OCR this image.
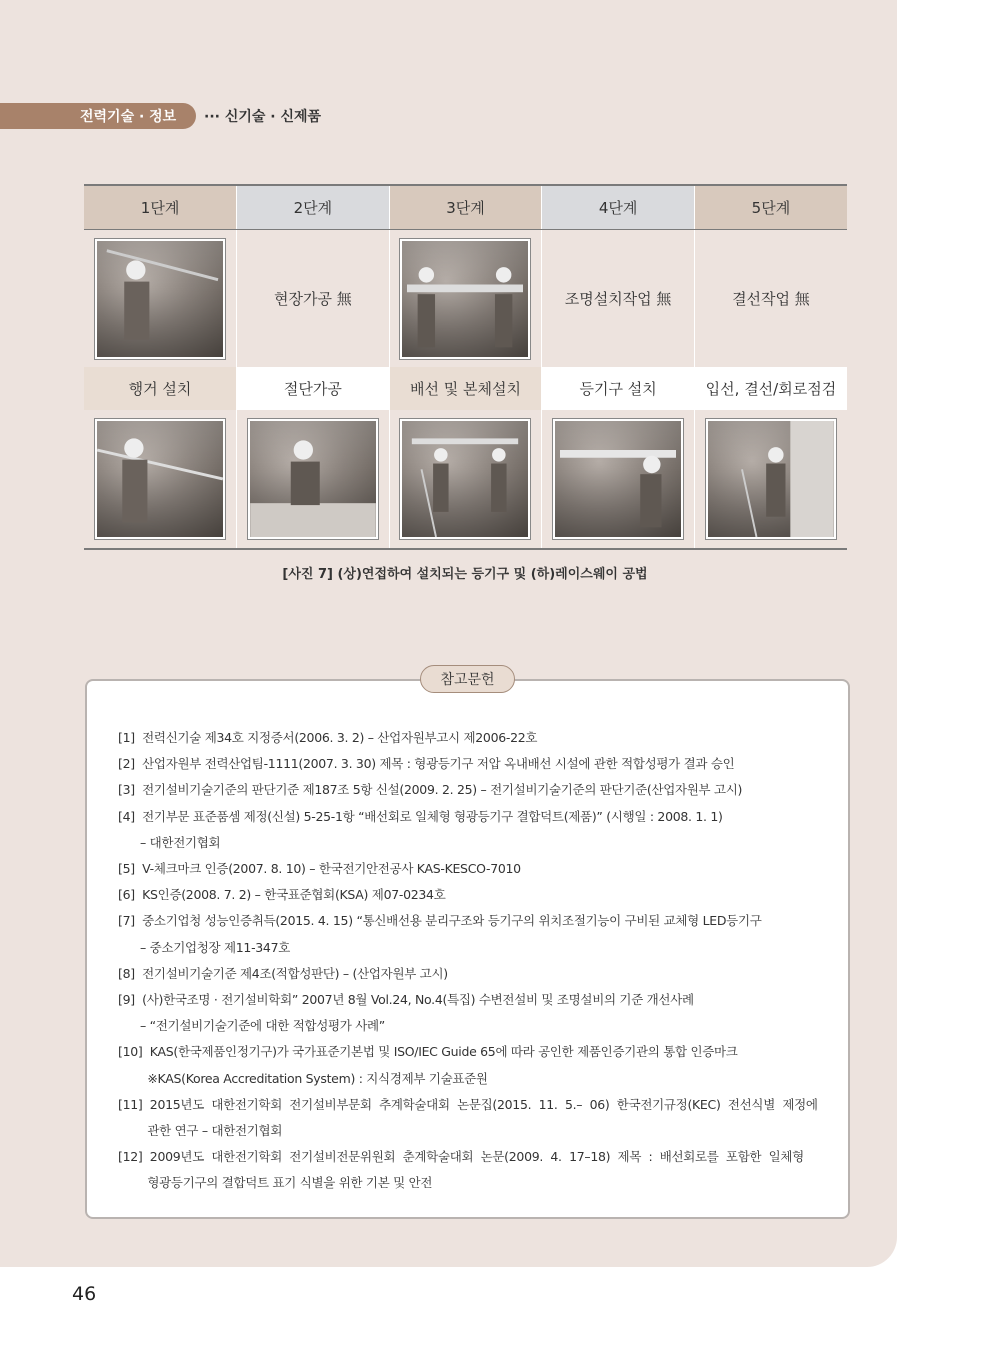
전력기술 · 정보	··· 신기술 · 신제품
1단계	2단계	3단계	4단계	5단계

	현장가공 無		조명설치작업 無	결선작업 無
행거 설치	절단가공	배선 및 본체설치	등기구 설치	입선, 결선/회로점검

[사진 7] (상)연접하여 설치되는 등기구 및 (하)레이스웨이 공법
참고문헌
[1]  전력신기술 제34호 지정증서(2006. 3. 2) – 산업자원부고시 제2006-22호
[2]  산업자원부 전력산업팀-1111(2007. 3. 30) 제목 : 형광등기구 저압 옥내배선 시설에 관한 적합성평가 결과 승인
[3]  전기설비기술기준의 판단기준 제187조 5항 신설(2009. 2. 25) – 전기설비기술기준의 판단기준(산업자원부 고시)
[4]  전기부문 표준품셈 제정(신설) 5-25-1항 “배선회로 일체형 형광등기구 결합덕트(제품)” (시행일 : 2008. 1. 1)
– 대한전기협회
[5]  V-체크마크 인증(2007. 8. 10) – 한국전기안전공사 KAS-KESCO-7010
[6]  KS인증(2008. 7. 2) – 한국표준협회(KSA) 제07-0234호
[7]  중소기업청 성능인증취득(2015. 4. 15) “통신배선용 분리구조와 등기구의 위치조절기능이 구비된 교체형 LED등기구
– 중소기업청장 제11-347호
[8]  전기설비기술기준 제4조(적합성판단) – (산업자원부 고시)
[9]  (사)한국조명 · 전기설비학회” 2007년 8월 Vol.24, No.4(특집) 수변전설비 및 조명설비의 기준 개선사례
– “전기설비기술기준에 대한 적합성평가 사례”
[10]  KAS(한국제품인정기구)가 국가표준기본법 및 ISO/IEC Guide 65에 따라 공인한 제품인증기관의 통합 인증마크
※KAS(Korea Accreditation System) : 지식경제부 기술표준원
[11]  2015년도  대한전기학회  전기설비부문회  추계학술대회  논문집(2015.  11.  5.–  06)  한국전기규정(KEC)  전선식별  제정에
관한 연구 – 대한전기협회
[12]  2009년도  대한전기학회  전기설비전문위원회  춘계학술대회  논문(2009.  4.  17–18)  제목  :  배선회로를  포함한  일체형
형광등기구의 결합덕트 표기 식별을 위한 기본 및 안전
46
